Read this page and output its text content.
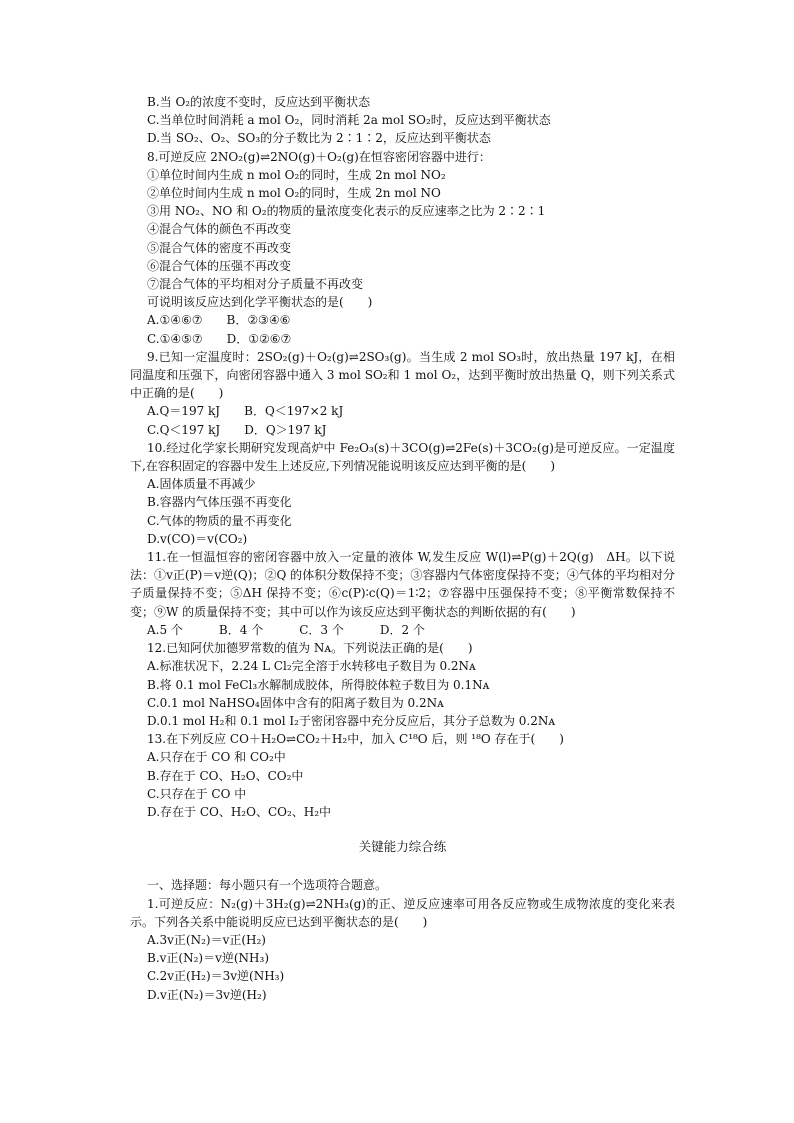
B.当 O₂的浓度不变时，反应达到平衡状态
C.当单位时间消耗 a mol O₂，同时消耗 2a mol SO₂时，反应达到平衡状态
D.当 SO₂、O₂、SO₃的分子数比为 2∶1∶2，反应达到平衡状态
8.可逆反应 2NO₂(g)⇌2NO(g)＋O₂(g)在恒容密闭容器中进行：
①单位时间内生成 n mol O₂的同时，生成 2n mol NO₂
②单位时间内生成 n mol O₂的同时，生成 2n mol NO
③用 NO₂、NO 和 O₂的物质的量浓度变化表示的反应速率之比为 2∶2∶1
④混合气体的颜色不再改变
⑤混合气体的密度不再改变
⑥混合气体的压强不再改变
⑦混合气体的平均相对分子质量不再改变
可说明该反应达到化学平衡状态的是(　　)
A.①④⑥⑦　　B．②③④⑥
C.①④⑤⑦　　D．①②⑥⑦
9.已知一定温度时：2SO₂(g)＋O₂(g)⇌2SO₃(g)。当生成 2 mol SO₃时，放出热量 197 kJ，在相同温度和压强下，向密闭容器中通入 3 mol SO₂和 1 mol O₂，达到平衡时放出热量 Q，则下列关系式中正确的是(　　)
A.Q＝197 kJ　　B．Q＜197×2 kJ
C.Q＜197 kJ　　D．Q＞197 kJ
10.经过化学家长期研究发现高炉中 Fe₂O₃(s)＋3CO(g)⇌2Fe(s)＋3CO₂(g)是可逆反应。一定温度下,在容积固定的容器中发生上述反应,下列情况能说明该反应达到平衡的是(　　)
A.固体质量不再减少
B.容器内气体压强不再变化
C.气体的物质的量不再变化
D.v(CO)＝v(CO₂)
11.在一恒温恒容的密闭容器中放入一定量的液体 W,发生反应 W(l)⇌P(g)＋2Q(g)　ΔH。以下说法：①v正(P)＝v逆(Q)；②Q 的体积分数保持不变；③容器内气体密度保持不变；④气体的平均相对分子质量保持不变；⑤ΔH 保持不变；⑥c(P)∶c(Q)＝1∶2；⑦容器中压强保持不变；⑧平衡常数保持不变；⑨W 的质量保持不变；其中可以作为该反应达到平衡状态的判断依据的有(　　)
A.5 个　　　B．4 个　　　C．3 个　　　D．2 个
12.已知阿伏加德罗常数的值为 Nᴀ。下列说法正确的是(　　)
A.标准状况下，2.24 L Cl₂完全溶于水转移电子数目为 0.2Nᴀ
B.将 0.1 mol FeCl₃水解制成胶体，所得胶体粒子数目为 0.1Nᴀ
C.0.1 mol NaHSO₄固体中含有的阳离子数目为 0.2Nᴀ
D.0.1 mol H₂和 0.1 mol I₂于密闭容器中充分反应后，其分子总数为 0.2Nᴀ
13.在下列反应 CO＋H₂O⇌CO₂＋H₂中，加入 C¹⁸O 后，则 ¹⁸O 存在于(　　)
A.只存在于 CO 和 CO₂中
B.存在于 CO、H₂O、CO₂中
C.只存在于 CO 中
D.存在于 CO、H₂O、CO₂、H₂中
关键能力综合练
一、选择题：每小题只有一个选项符合题意。
1.可逆反应：N₂(g)＋3H₂(g)⇌2NH₃(g)的正、逆反应速率可用各反应物或生成物浓度的变化来表示。下列各关系中能说明反应已达到平衡状态的是(　　)
A.3v正(N₂)＝v正(H₂)
B.v正(N₂)＝v逆(NH₃)
C.2v正(H₂)＝3v逆(NH₃)
D.v正(N₂)＝3v逆(H₂)
